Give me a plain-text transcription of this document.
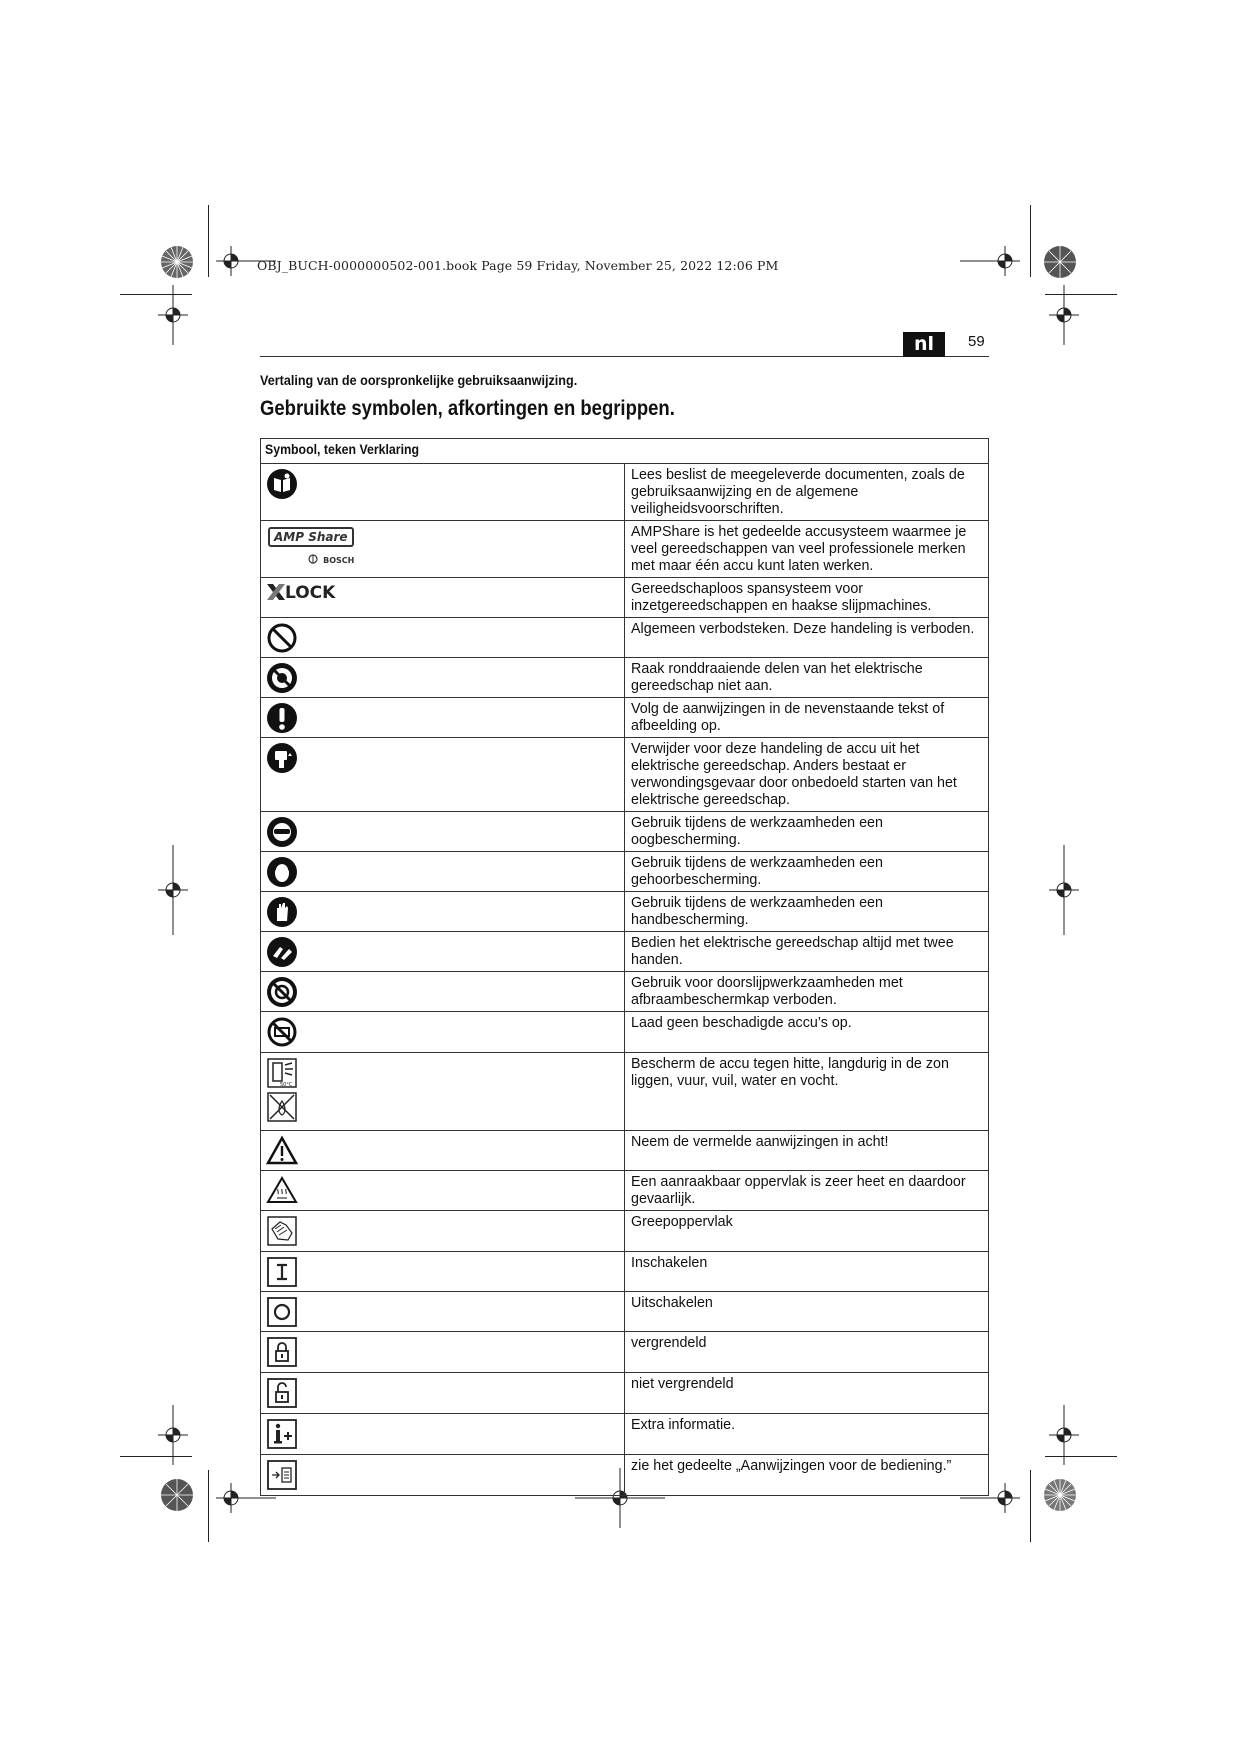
OBJ_BUCH-0000000502-001.book Page 59 Friday, November 25, 2022 12:06 PM
nl	59
Vertaling van de oorspronkelijke gebruiksaanwijzing.
Gebruikte symbolen, afkortingen en begrippen.
Symbool, teken Verklaring	

	Lees beslist de meegeleverde documenten, zoals de gebruiksaanwijzing en de algemene veiligheidsvoorschriften.

AMP Share
BOSCH	AMPShare is het gedeelde accusysteem waarmee je veel gereedschappen van veel professionele merken met maar één accu kunt laten werken.

LOCK	Gereedschaploos spansysteem voor inzetgereedschappen en haakse slijpmachines.

	Algemeen verbodsteken. Deze handeling is verboden.

	Raak ronddraaiende delen van het elektrische gereedschap niet aan.

	Volg de aanwijzingen in de nevenstaande tekst of afbeelding op.

	Verwijder voor deze handeling de accu uit het elektrische gereedschap. Anders bestaat er verwondingsgevaar door onbedoeld starten van het elektrische gereedschap.

	Gebruik tijdens de werkzaamheden een oogbescherming.

	Gebruik tijdens de werkzaamheden een gehoorbescherming.

	Gebruik tijdens de werkzaamheden een handbescherming.

	Bedien het elektrische gereedschap altijd met twee handen.

	Gebruik voor doorslijpwerkzaamheden met afbraambeschermkap verboden.

	Laad geen beschadigde accu’s op.

50°C	Bescherm de accu tegen hitte, langdurig in de zon liggen, vuur, vuil, water en vocht.

	Neem de vermelde aanwijzingen in acht!

	Een aanraakbaar oppervlak is zeer heet en daardoor gevaarlijk.

	Greepoppervlak

	Inschakelen

	Uitschakelen

	vergrendeld

	niet vergrendeld

	Extra informatie.

	zie het gedeelte „Aanwijzingen voor de bediening.”
